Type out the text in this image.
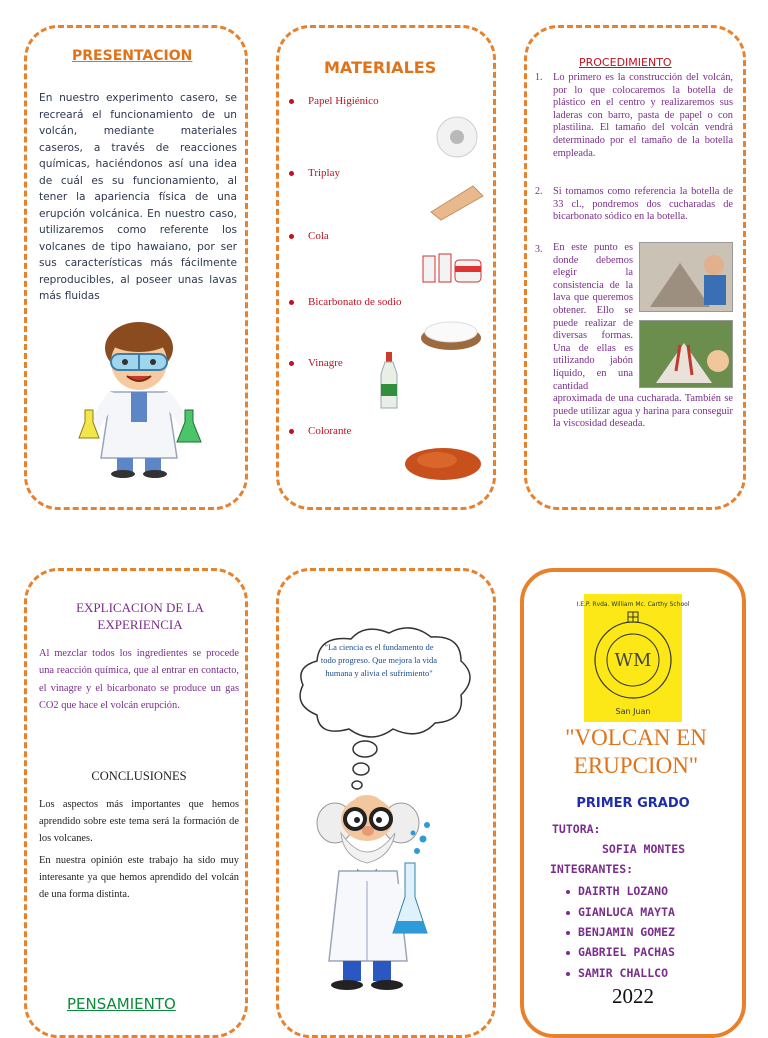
PRESENTACION
En nuestro experimento casero, se recreará el funcionamiento de un volcán, mediante materiales caseros, a través de reacciones químicas, haciéndonos así una idea de cuál es su funcionamiento, al tener la apariencia física de una erupción volcánica. En nuestro caso, utilizaremos como referente los volcanes de tipo hawaiano, por ser sus características más fácilmente reproducibles, al poseer unas lavas más fluidas
MATERIALES
Papel Higiénico
Triplay
Cola
Bicarbonato de sodio
Vinagre
Colorante
PROCEDIMIENTO
1. Lo primero es la construcción del volcán, por lo que colocaremos la botella de plástico en el centro y realizaremos sus laderas con barro, pasta de papel o con plastilina. El tamaño del volcán vendrá determinado por el tamaño de la botella empleada.
2. Si tomamos como referencia la botella de 33 cl., pondremos dos cucharadas de bicarbonato sódico en la botella.
3. En este punto es donde debemos elegir la consistencia de la lava que queremos obtener. Ello se puede realizar de diversas formas. Una de ellas es utilizando jabón líquido, en una cantidad aproximada de una cucharada. También se puede utilizar agua y harina para conseguir la viscosidad deseada.
EXPLICACION DE LA EXPERIENCIA
Al mezclar todos los ingredientes se procede una reacción química, que al entrar en contacto, el vinagre y el bicarbonato se produce un gas CO2 que hace el volcán erupción.
CONCLUSIONES
Los aspectos más importantes que hemos aprendido sobre este tema será la formación de los volcanes.
En nuestra opinión este trabajo ha sido muy interesante ya que hemos aprendido del volcán de una forma distinta.
PENSAMIENTO
"La ciencia es el fundamento de todo progreso. Que mejora la vida humana y alivia el sufrimiento"
WM
San Juan
I.E.P. Rvda. William Mc. Carthy School
"VOLCAN EN ERUPCION"
PRIMER GRADO
TUTORA:
SOFIA MONTES
INTEGRANTES:
DAIRTH LOZANO
GIANLUCA MAYTA
BENJAMIN GOMEZ
GABRIEL PACHAS
SAMIR CHALLCO
2022
